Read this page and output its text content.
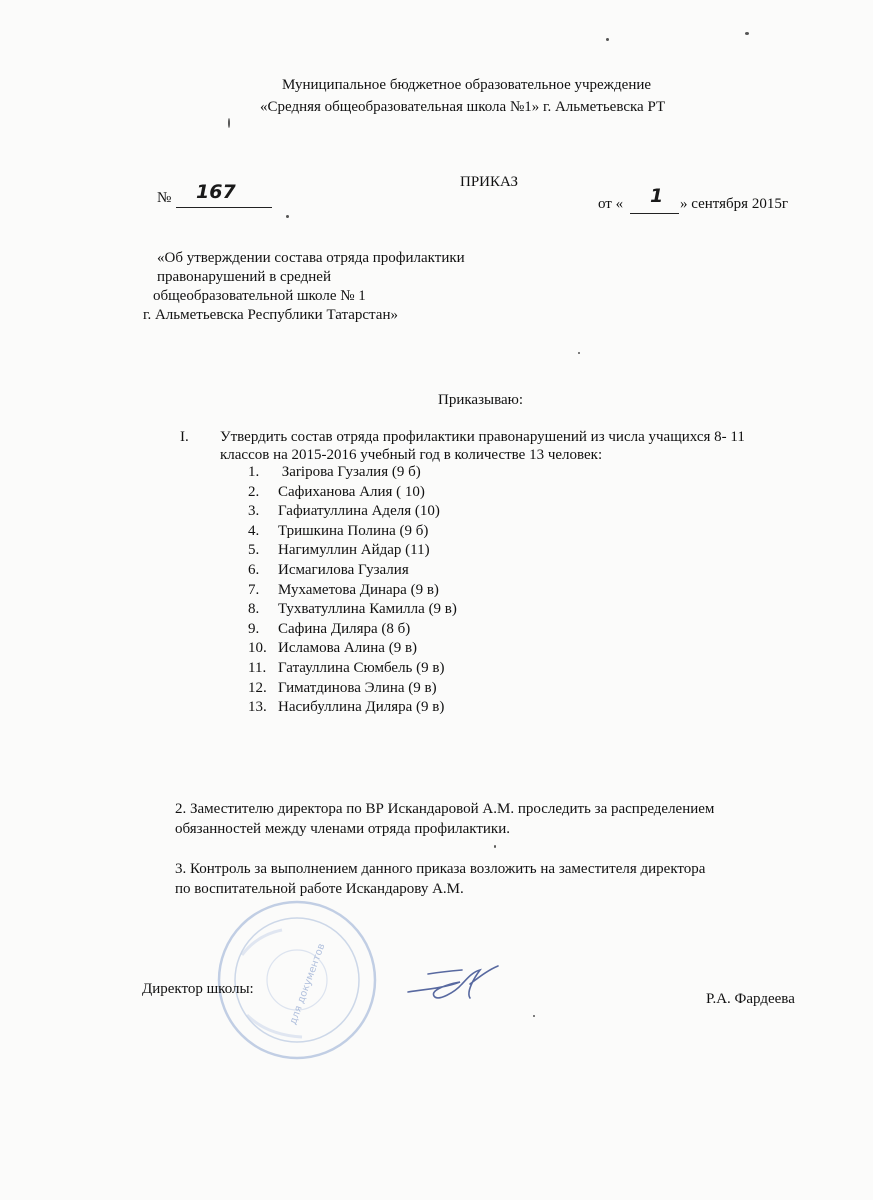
Муниципальное бюджетное образовательное учреждение
«Средняя общеобразовательная школа №1» г. Альметьевска РТ
ПРИКАЗ
№ 167
от « 1 » сентября 2015г
«Об утверждении состава отряда профилактики
правонарушений в средней
общеобразовательной школе № 1
г. Альметьевска Республики Татарстан»
Приказываю:
I. Утвердить состав отряда профилактики правонарушений из числа учащихся 8- 11
классов на 2015-2016 учебный год в количестве 13 человек:
1. Заripова Гузалия (9 б)
2. Сафиханова Алия ( 10)
3. Гафиатуллина Аделя (10)
4. Тришкина Полина (9 б)
5. Нагимуллин Айдар (11)
6. Исмагилова Гузалия
7. Мухаметова Динара (9 в)
8. Тухватуллина Камилла (9 в)
9. Сафина Диляра (8 б)
10. Исламова Алина (9 в)
11. Гатауллина Сюмбель (9 в)
12. Гиматдинова Элина (9 в)
13. Насибуллина Диляра (9 в)
2. Заместителю директора по ВР Искандаровой А.М. проследить за распределением
обязанностей между членами отряда профилактики.
3. Контроль за выполнением данного приказа возложить на заместителя директора
по воспитательной работе Искандарову А.М.
для документов
Директор школы:
Р.А. Фардеева
